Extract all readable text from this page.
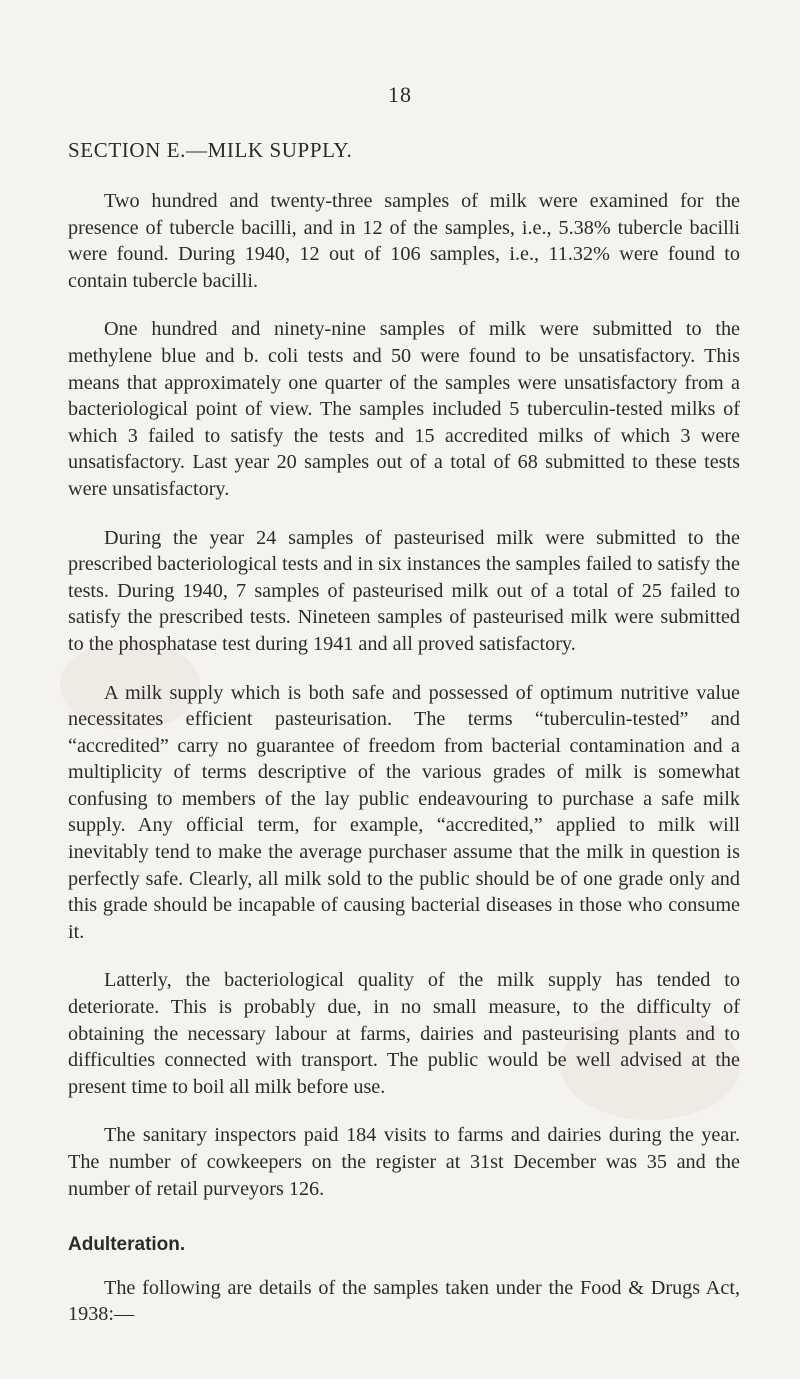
18
SECTION E.—MILK SUPPLY.

Two hundred and twenty-three samples of milk were examined for the presence of tubercle bacilli, and in 12 of the samples, i.e., 5.38% tubercle bacilli were found. During 1940, 12 out of 106 samples, i.e., 11.32% were found to contain tubercle bacilli.

One hundred and ninety-nine samples of milk were submitted to the methylene blue and b. coli tests and 50 were found to be unsatisfactory. This means that approximately one quarter of the samples were unsatisfactory from a bacteriological point of view. The samples included 5 tuberculin-tested milks of which 3 failed to satisfy the tests and 15 accredited milks of which 3 were unsatisfactory. Last year 20 samples out of a total of 68 submitted to these tests were unsatisfactory.

During the year 24 samples of pasteurised milk were submitted to the prescribed bacteriological tests and in six instances the samples failed to satisfy the tests. During 1940, 7 samples of pasteurised milk out of a total of 25 failed to satisfy the prescribed tests. Nineteen samples of pasteurised milk were submitted to the phosphatase test during 1941 and all proved satisfactory.

A milk supply which is both safe and possessed of optimum nutritive value necessitates efficient pasteurisation. The terms “tuberculin-tested” and “accredited” carry no guarantee of freedom from bacterial contamination and a multiplicity of terms descriptive of the various grades of milk is somewhat confusing to members of the lay public endeavouring to purchase a safe milk supply. Any official term, for example, “accredited,” applied to milk will inevitably tend to make the average purchaser assume that the milk in question is perfectly safe. Clearly, all milk sold to the public should be of one grade only and this grade should be incapable of causing bacterial diseases in those who consume it.

Latterly, the bacteriological quality of the milk supply has tended to deteriorate. This is probably due, in no small measure, to the difficulty of obtaining the necessary labour at farms, dairies and pasteurising plants and to difficulties connected with transport. The public would be well advised at the present time to boil all milk before use.

The sanitary inspectors paid 184 visits to farms and dairies during the year. The number of cowkeepers on the register at 31st December was 35 and the number of retail purveyors 126.

Adulteration.

The following are details of the samples taken under the Food & Drugs Act, 1938:—
